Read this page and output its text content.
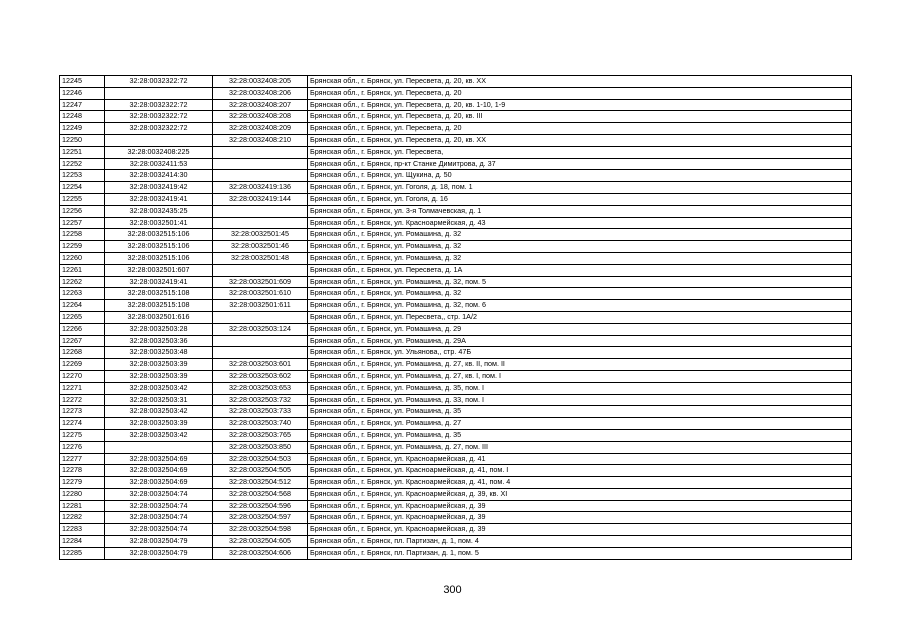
12245	32:28:0032322:72	32:28:0032408:205	Брянская обл., г. Брянск, ул. Пересвета, д. 20, кв. XX
12246		32:28:0032408:206	Брянская обл., г. Брянск, ул. Пересвета, д. 20
12247	32:28:0032322:72	32:28:0032408:207	Брянская обл., г. Брянск, ул. Пересвета, д. 20, кв. 1-10, 1-9
12248	32:28:0032322:72	32:28:0032408:208	Брянская обл., г. Брянск, ул. Пересвета, д. 20, кв. III
12249	32:28:0032322:72	32:28:0032408:209	Брянская обл., г. Брянск, ул. Пересвета, д. 20
12250		32:28:0032408:210	Брянская обл., г. Брянск, ул. Пересвета, д. 20, кв. XX
12251	32:28:0032408:225		Брянская обл., г. Брянск, ул. Пересвета,
12252	32:28:0032411:53		Брянская обл., г. Брянск, пр-кт Станке Димитрова, д. 37
12253	32:28:0032414:30		Брянская обл., г. Брянск, ул. Щукина, д. 50
12254	32:28:0032419:42	32:28:0032419:136	Брянская обл., г. Брянск, ул. Гоголя, д. 18, пом. 1
12255	32:28:0032419:41	32:28:0032419:144	Брянская обл., г. Брянск, ул. Гоголя, д. 16
12256	32:28:0032435:25		Брянская обл., г. Брянск, ул. 3-я Толмачевская, д. 1
12257	32:28:0032501:41		Брянская обл., г. Брянск, ул. Красноармейская, д. 43
12258	32:28:0032515:106	32:28:0032501:45	Брянская обл., г. Брянск, ул. Ромашина, д. 32
12259	32:28:0032515:106	32:28:0032501:46	Брянская обл., г. Брянск, ул. Ромашина, д. 32
12260	32:28:0032515:106	32:28:0032501:48	Брянская обл., г. Брянск, ул. Ромашина, д. 32
12261	32:28:0032501:607		Брянская обл., г. Брянск, ул. Пересвета, д. 1А
12262	32:28:0032419:41	32:28:0032501:609	Брянская обл., г. Брянск, ул. Ромашина, д. 32, пом. 5
12263	32:28:0032515:108	32:28:0032501:610	Брянская обл., г. Брянск, ул. Ромашина, д. 32
12264	32:28:0032515:108	32:28:0032501:611	Брянская обл., г. Брянск, ул. Ромашина, д. 32, пом. 6
12265	32:28:0032501:616		Брянская обл., г. Брянск, ул. Пересвета,, стр. 1А/2
12266	32:28:0032503:28	32:28:0032503:124	Брянская обл., г. Брянск, ул. Ромашина, д. 29
12267	32:28:0032503:36		Брянская обл., г. Брянск, ул. Ромашина, д. 29А
12268	32:28:0032503:48		Брянская обл., г. Брянск, ул. Ульянова,, стр. 47Б
12269	32:28:0032503:39	32:28:0032503:601	Брянская обл., г. Брянск, ул. Ромашина, д. 27, кв. II, пом. II
12270	32:28:0032503:39	32:28:0032503:602	Брянская обл., г. Брянск, ул. Ромашина, д. 27, кв. I, пом. I
12271	32:28:0032503:42	32:28:0032503:653	Брянская обл., г. Брянск, ул. Ромашина, д. 35, пом. I
12272	32:28:0032503:31	32:28:0032503:732	Брянская обл., г. Брянск, ул. Ромашина, д. 33, пом. I
12273	32:28:0032503:42	32:28:0032503:733	Брянская обл., г. Брянск, ул. Ромашина, д. 35
12274	32:28:0032503:39	32:28:0032503:740	Брянская обл., г. Брянск, ул. Ромашина, д. 27
12275	32:28:0032503:42	32:28:0032503:765	Брянская обл., г. Брянск, ул. Ромашина, д. 35
12276		32:28:0032503:850	Брянская обл., г. Брянск, ул. Ромашина, д. 27, пом. III
12277	32:28:0032504:69	32:28:0032504:503	Брянская обл., г. Брянск, ул. Красноармейская, д. 41
12278	32:28:0032504:69	32:28:0032504:505	Брянская обл., г. Брянск, ул. Красноармейская, д. 41, пом. I
12279	32:28:0032504:69	32:28:0032504:512	Брянская обл., г. Брянск, ул. Красноармейская, д. 41, пом. 4
12280	32:28:0032504:74	32:28:0032504:568	Брянская обл., г. Брянск, ул. Красноармейская, д. 39, кв. XI
12281	32:28:0032504:74	32:28:0032504:596	Брянская обл., г. Брянск, ул. Красноармейская, д. 39
12282	32:28:0032504:74	32:28:0032504:597	Брянская обл., г. Брянск, ул. Красноармейская, д. 39
12283	32:28:0032504:74	32:28:0032504:598	Брянская обл., г. Брянск, ул. Красноармейская, д. 39
12284	32:28:0032504:79	32:28:0032504:605	Брянская обл., г. Брянск, пл. Партизан, д. 1, пом. 4
12285	32:28:0032504:79	32:28:0032504:606	Брянская обл., г. Брянск, пл. Партизан, д. 1, пом. 5
300
